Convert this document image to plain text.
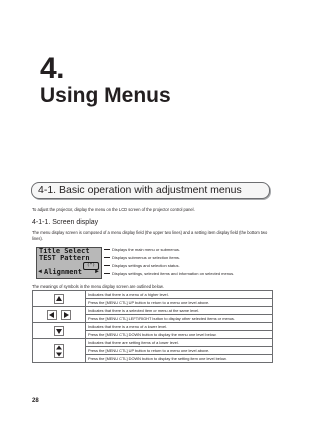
4.
Using Menus
4-1. Basic operation with adjustment menus
To adjust the projector, display the menu on the LCD screen of the projector control panel.
4-1-1. Screen display
The menu display screen is composed of a menu display field (the upper two lines) and a setting item display field (the bottom two lines).
Title Select
TEST Pattern
(*)
◄ Alignment ►
Displays the main menu or submenus.
Displays submenus or selection items.
Displays settings and selection status.
Displays settings, selected items and information on selected menus.
The meanings of symbols in the menu display screen are outlined below.
	Indicates that there is a menu of a higher level.
	Press the [MENU CTL] UP button to return to a menu one level above.

	Indicates that there is a selected item or menu at the same level.
	Press the [MENU CTL] LEFT/RIGHT button to display other selected items or menus.

	Indicates that there is a menu of a lower level.
	Press the [MENU CTL] DOWN button to display the menu one level below.

	Indicates that there are setting items of a lower level.
	Press the [MENU CTL] UP button to return to a menu one level above.
	Press the [MENU CTL] DOWN button to display the setting item one level below.
28
